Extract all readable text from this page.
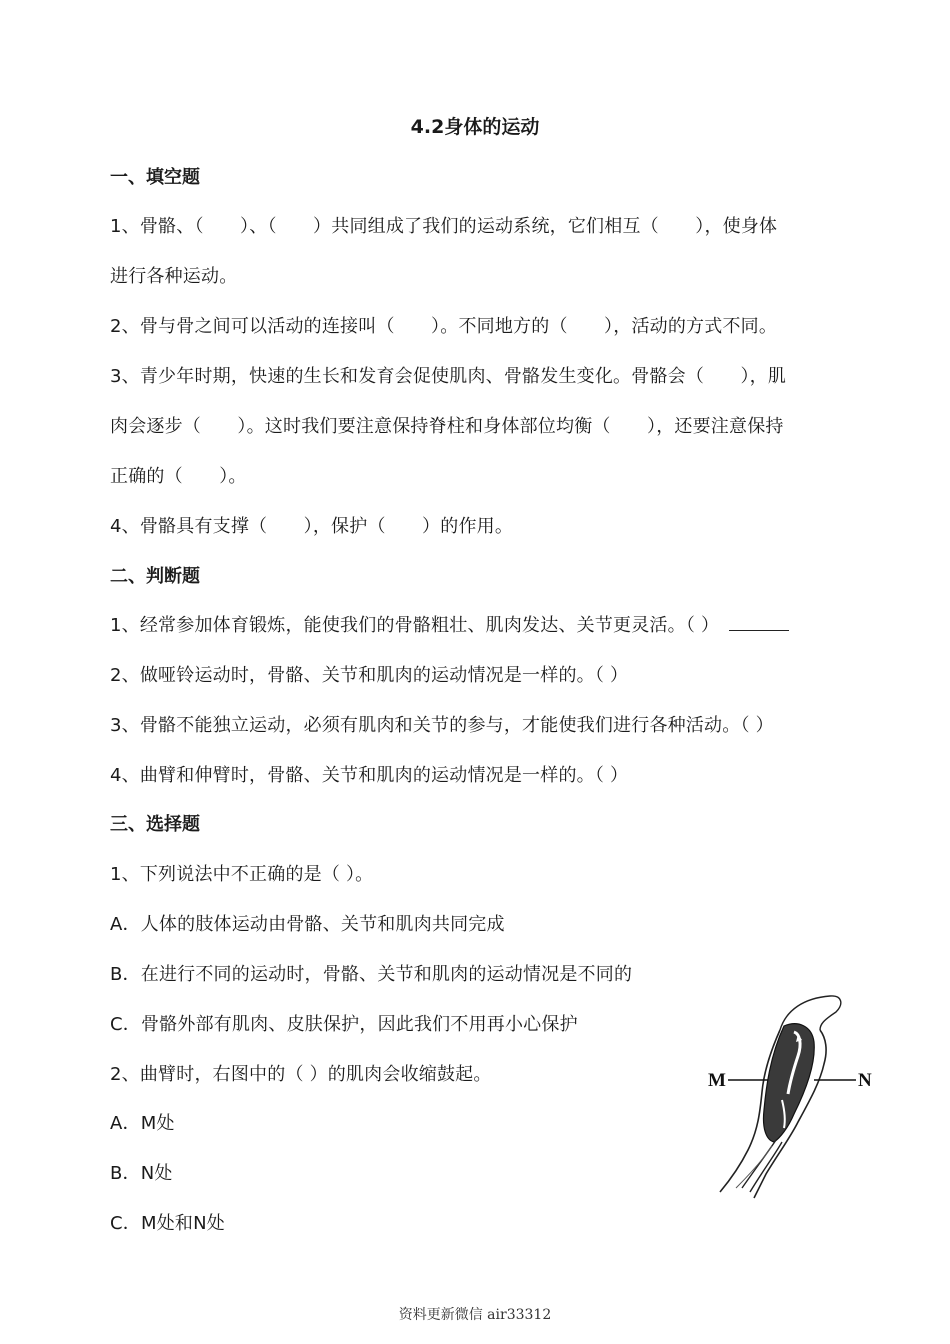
4.2身体的运动
一、填空题
1、骨骼、（　　）、（　　）共同组成了我们的运动系统，它们相互（　　），使身体
进行各种运动。
2、骨与骨之间可以活动的连接叫（　　）。不同地方的（　　），活动的方式不同。
3、青少年时期，快速的生长和发育会促使肌肉、骨骼发生变化。骨骼会（　　），肌
肉会逐步（　　）。这时我们要注意保持脊柱和身体部位均衡（　　），还要注意保持
正确的（　　）。
4、骨骼具有支撑（　　），保护（　　）的作用。
二、判断题
1、经常参加体育锻炼，能使我们的骨骼粗壮、肌肉发达、关节更灵活。（ ）
2、做哑铃运动时，骨骼、关节和肌肉的运动情况是一样的。（ ）
3、骨骼不能独立运动，必须有肌肉和关节的参与，才能使我们进行各种活动。（ ）
4、曲臂和伸臂时，骨骼、关节和肌肉的运动情况是一样的。（ ）
三、选择题
1、下列说法中不正确的是（ ）。
A．人体的肢体运动由骨骼、关节和肌肉共同完成
B．在进行不同的运动时，骨骼、关节和肌肉的运动情况是不同的
C．骨骼外部有肌肉、皮肤保护，因此我们不用再小心保护
2、曲臂时，右图中的（ ）的肌肉会收缩鼓起。
A．M处
B．N处
C．M处和N处
M	N
资料更新微信 air33312
